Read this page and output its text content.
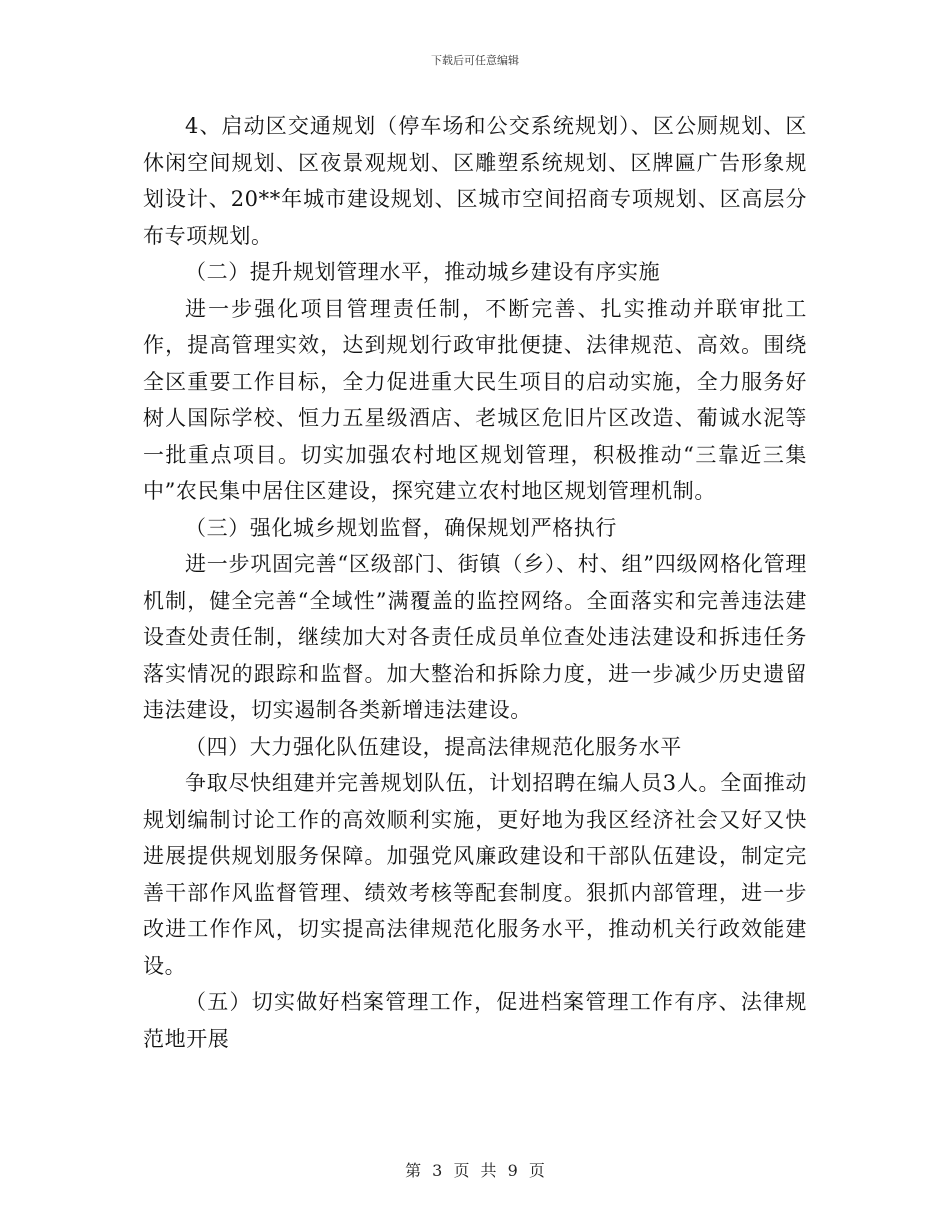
下载后可任意编辑

4、启动区交通规划（停车场和公交系统规划）、区公厕规划、区休闲空间规划、区夜景观规划、区雕塑系统规划、区牌匾广告形象规划设计、20**年城市建设规划、区城市空间招商专项规划、区高层分布专项规划。

（二）提升规划管理水平，推动城乡建设有序实施

进一步强化项目管理责任制，不断完善、扎实推动并联审批工作，提高管理实效，达到规划行政审批便捷、法律规范、高效。围绕全区重要工作目标，全力促进重大民生项目的启动实施，全力服务好树人国际学校、恒力五星级酒店、老城区危旧片区改造、葡诚水泥等一批重点项目。切实加强农村地区规划管理，积极推动“三靠近三集中”农民集中居住区建设，探究建立农村地区规划管理机制。

（三）强化城乡规划监督，确保规划严格执行

进一步巩固完善“区级部门、街镇（乡）、村、组”四级网格化管理机制，健全完善“全域性”满覆盖的监控网络。全面落实和完善违法建设查处责任制，继续加大对各责任成员单位查处违法建设和拆违任务落实情况的跟踪和监督。加大整治和拆除力度，进一步减少历史遗留违法建设，切实遏制各类新增违法建设。

（四）大力强化队伍建设，提高法律规范化服务水平

争取尽快组建并完善规划队伍，计划招聘在编人员3人。全面推动规划编制讨论工作的高效顺利实施，更好地为我区经济社会又好又快进展提供规划服务保障。加强党风廉政建设和干部队伍建设，制定完善干部作风监督管理、绩效考核等配套制度。狠抓内部管理，进一步改进工作作风，切实提高法律规范化服务水平，推动机关行政效能建设。

（五）切实做好档案管理工作，促进档案管理工作有序、法律规范地开展

第 3 页 共 9 页
